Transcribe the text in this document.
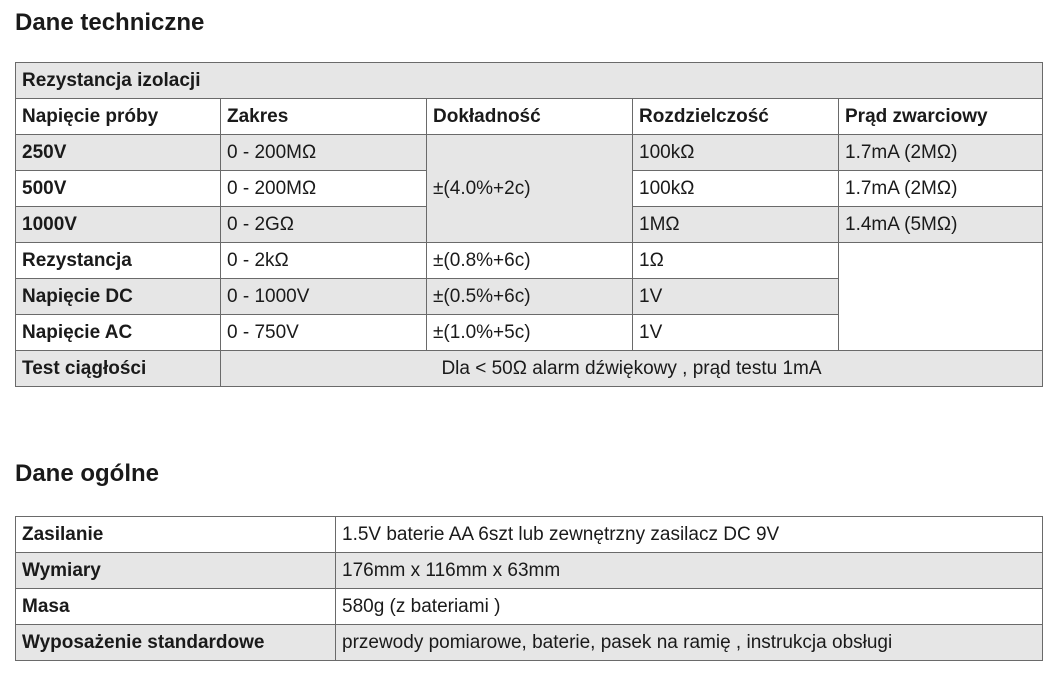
Dane techniczne
Rezystancja izolacji				
Napięcie próby	Zakres	Dokładność	Rozdzielczość	Prąd zwarciowy
250V	0 - 200MΩ	±(4.0%+2c)	100kΩ	1.7mA (2MΩ)
500V	0 - 200MΩ		100kΩ	1.7mA (2MΩ)
1000V	0 - 2GΩ		1MΩ	1.4mA (5MΩ)
Rezystancja	0 - 2kΩ	±(0.8%+6c)	1Ω	
Napięcie DC	0 - 1000V	±(0.5%+6c)	1V	
Napięcie AC	0 - 750V	±(1.0%+5c)	1V	
Test ciągłości	Dla < 50Ω alarm dźwiękowy , prąd testu 1mA			
Dane ogólne
Zasilanie	1.5V baterie AA 6szt lub zewnętrzny zasilacz DC 9V
Wymiary	176mm x 116mm x 63mm
Masa	580g (z bateriami )
Wyposażenie standardowe	przewody pomiarowe, baterie, pasek na ramię , instrukcja obsługi
